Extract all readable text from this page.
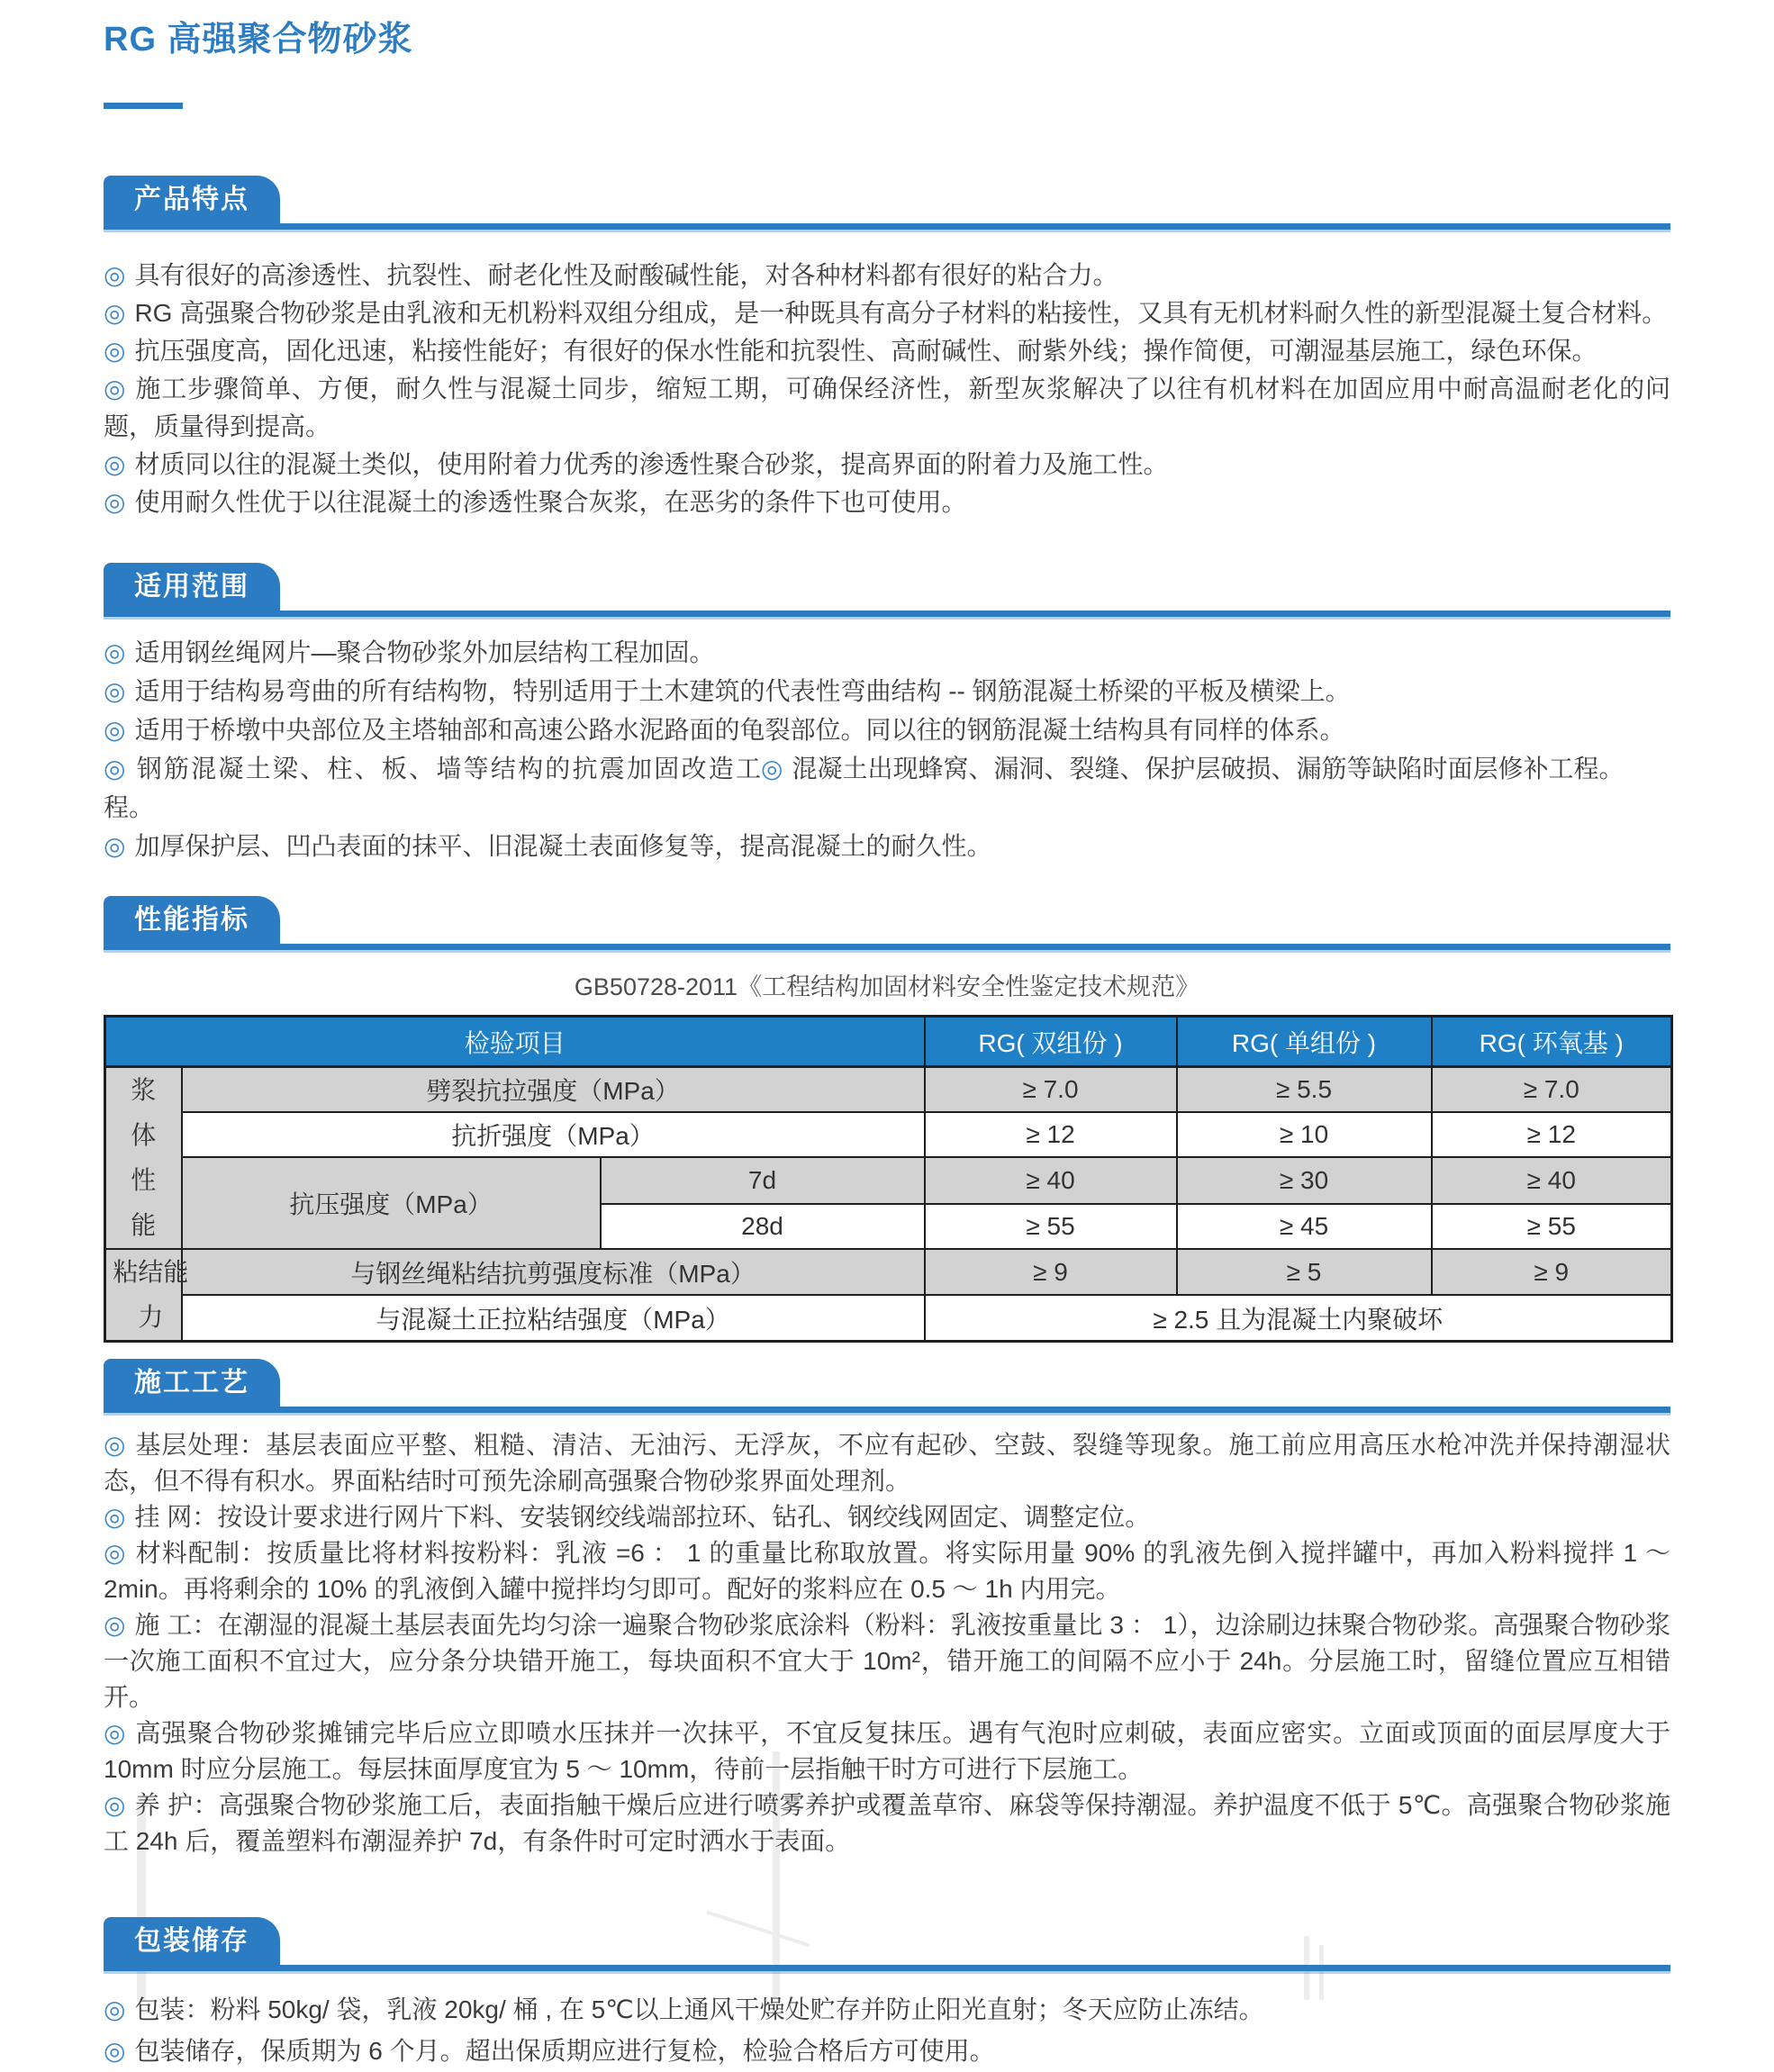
RG 高强聚合物砂浆
产品特点

◎ 具有很好的高渗透性、抗裂性、耐老化性及耐酸碱性能，对各种材料都有很好的粘合力。

◎ RG 高强聚合物砂浆是由乳液和无机粉料双组分组成，是一种既具有高分子材料的粘接性，又具有无机材料耐久性的新型混凝土复合材料。

◎ 抗压强度高，固化迅速，粘接性能好；有很好的保水性能和抗裂性、高耐碱性、耐紫外线；操作简便，可潮湿基层施工，绿色环保。

◎ 施工步骤简单、方便，耐久性与混凝土同步，缩短工期，可确保经济性，新型灰浆解决了以往有机材料在加固应用中耐高温耐老化的问题，质量得到提高。

◎ 材质同以往的混凝土类似，使用附着力优秀的渗透性聚合砂浆，提高界面的附着力及施工性。

◎ 使用耐久性优于以往混凝土的渗透性聚合灰浆，在恶劣的条件下也可使用。

适用范围

◎ 适用钢丝绳网片—聚合物砂浆外加层结构工程加固。

◎ 适用于结构易弯曲的所有结构物，特别适用于土木建筑的代表性弯曲结构 -- 钢筋混凝土桥梁的平板及横梁上。

◎ 适用于桥墩中央部位及主塔轴部和高速公路水泥路面的龟裂部位。同以往的钢筋混凝土结构具有同样的体系。

◎ 钢筋混凝土梁、柱、板、墙等结构的抗震加固改造工程。
◎ 混凝土出现蜂窝、漏洞、裂缝、保护层破损、漏筋等缺陷时面层修补工程。

◎ 加厚保护层、凹凸表面的抹平、旧混凝土表面修复等，提高混凝土的耐久性。

性能指标
GB50728-2011《工程结构加固材料安全性鉴定技术规范》
检验项目			RG( 双组份 )	RG( 单组份 )	RG( 环氧基 )

浆体性能	劈裂抗拉强度（MPa）		≥ 7.0	≥ 5.5	≥ 7.0
	抗折强度（MPa）		≥ 12	≥ 10	≥ 12
	抗压强度（MPa）	7d	≥ 40	≥ 30	≥ 40
		28d	≥ 55	≥ 45	≥ 55

粘结能力	与钢丝绳粘结抗剪强度标准（MPa）		≥ 9	≥ 5	≥ 9
	与混凝土正拉粘结强度（MPa）		≥ 2.5 且为混凝土内聚破坏		
施工工艺

◎ 基层处理：基层表面应平整、粗糙、清洁、无油污、无浮灰，不应有起砂、空鼓、裂缝等现象。施工前应用高压水枪冲洗并保持潮湿状态，但不得有积水。界面粘结时可预先涂刷高强聚合物砂浆界面处理剂。

◎ 挂 网：按设计要求进行网片下料、安装钢绞线端部拉环、钻孔、钢绞线网固定、调整定位。

◎ 材料配制：按质量比将材料按粉料：乳液 =6 ： 1 的重量比称取放置。将实际用量 90% 的乳液先倒入搅拌罐中，再加入粉料搅拌 1 ～ 2min。再将剩余的 10% 的乳液倒入罐中搅拌均匀即可。配好的浆料应在 0.5 ～ 1h 内用完。

◎ 施 工：在潮湿的混凝土基层表面先均匀涂一遍聚合物砂浆底涂料（粉料：乳液按重量比 3 ： 1），边涂刷边抹聚合物砂浆。高强聚合物砂浆一次施工面积不宜过大，应分条分块错开施工，每块面积不宜大于 10m²，错开施工的间隔不应小于 24h。分层施工时，留缝位置应互相错开。

◎ 高强聚合物砂浆摊铺完毕后应立即喷水压抹并一次抹平，不宜反复抹压。遇有气泡时应刺破，表面应密实。立面或顶面的面层厚度大于 10mm 时应分层施工。每层抹面厚度宜为 5 ～ 10mm，待前一层指触干时方可进行下层施工。

◎ 养 护：高强聚合物砂浆施工后，表面指触干燥后应进行喷雾养护或覆盖草帘、麻袋等保持潮湿。养护温度不低于 5℃。高强聚合物砂浆施工 24h 后，覆盖塑料布潮湿养护 7d，有条件时可定时洒水于表面。

包装储存

◎ 包装：粉料 50kg/ 袋，乳液 20kg/ 桶 , 在 5℃以上通风干燥处贮存并防止阳光直射；冬天应防止冻结。

◎ 包装储存，保质期为 6 个月。超出保质期应进行复检，检验合格后方可使用。
